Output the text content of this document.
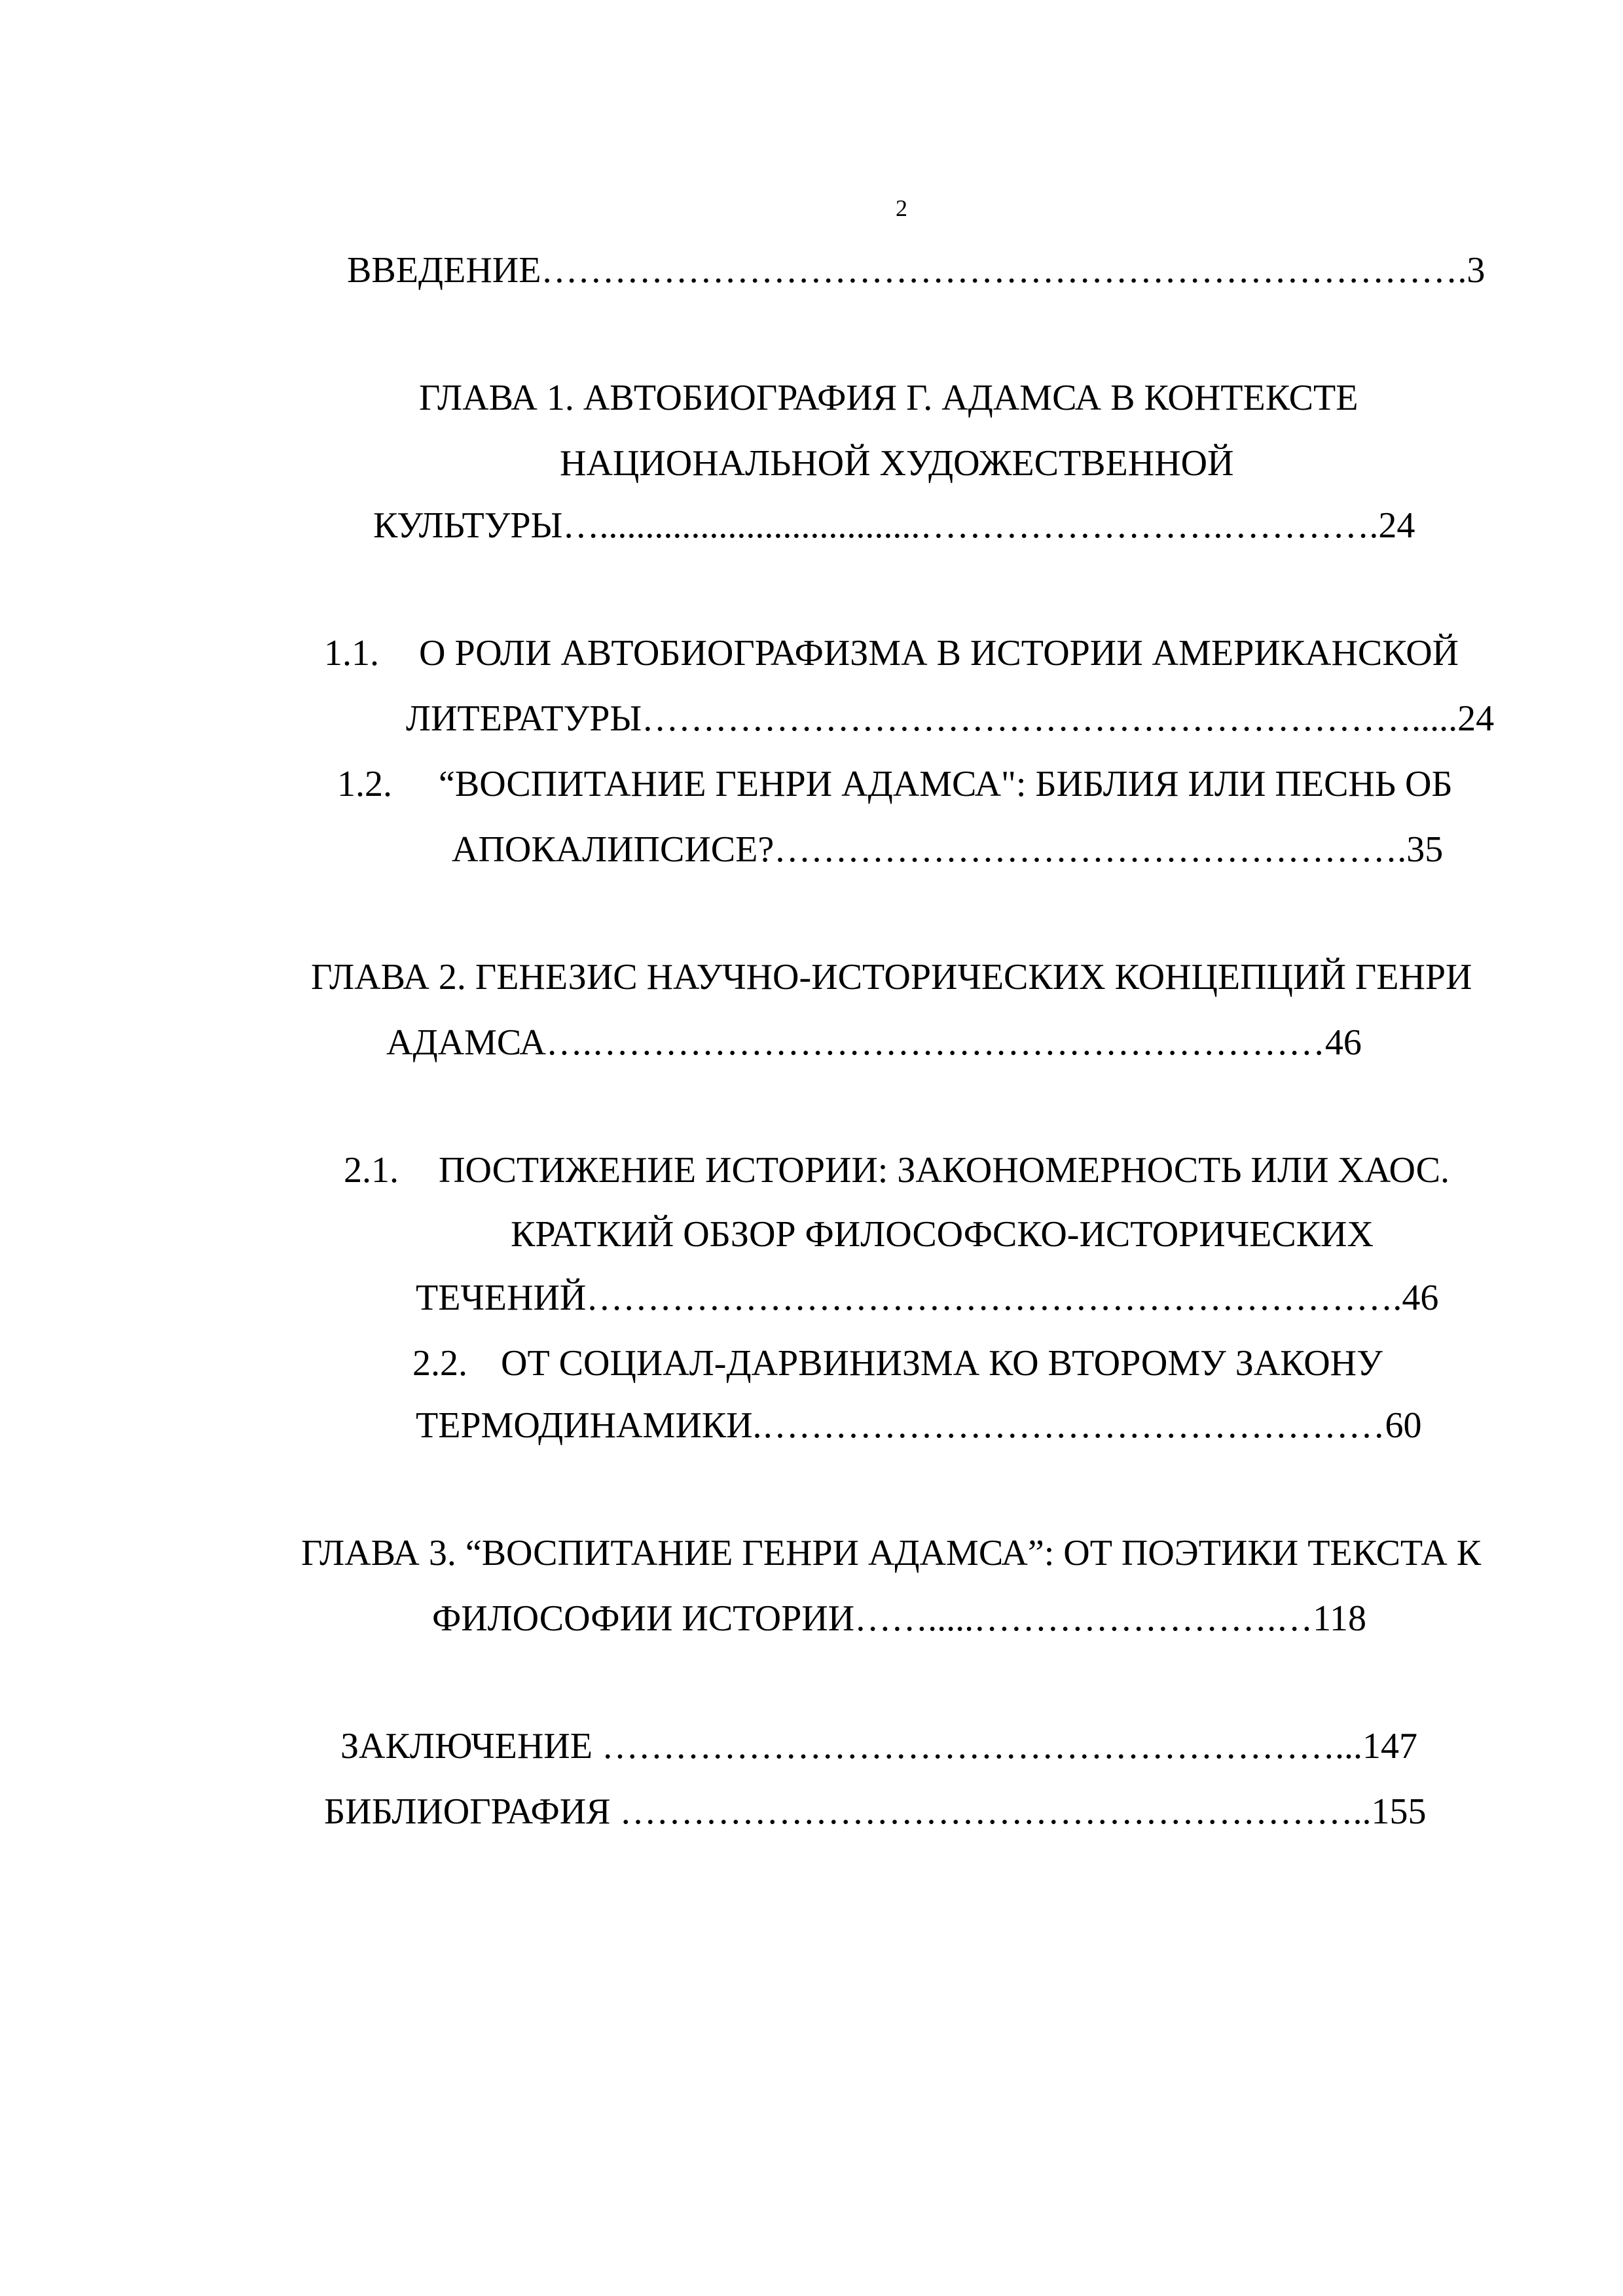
2
ВВЕДЕНИЕ………………………………………………………………….3
ГЛАВА 1. АВТОБИОГРАФИЯ Г. АДАМСА В КОНТЕКСТЕ
НАЦИОНАЛЬНОЙ ХУДОЖЕСТВЕННОЙ
КУЛЬТУРЫ…...................................…………………….………….24
1.1. О РОЛИ АВТОБИОГРАФИЗМА В ИСТОРИИ АМЕРИКАНСКОЙ
ЛИТЕРАТУРЫ……………………………………………………….....24
1.2. “ВОСПИТАНИЕ ГЕНРИ АДАМСА": БИБЛИЯ ИЛИ ПЕСНЬ ОБ
АПОКАЛИПСИСЕ?…………………………………………….35
ГЛАВА 2. ГЕНЕЗИС НАУЧНО-ИСТОРИЧЕСКИХ КОНЦЕПЦИЙ ГЕНРИ
АДАМСА….……………………………………………………46
2.1. ПОСТИЖЕНИЕ ИСТОРИИ: ЗАКОНОМЕРНОСТЬ ИЛИ ХАОС.
КРАТКИЙ ОБЗОР ФИЛОСОФСКО-ИСТОРИЧЕСКИХ
ТЕЧЕНИЙ………………………………………………………….46
2.2. ОТ СОЦИАЛ-ДАРВИНИЗМА КО ВТОРОМУ ЗАКОНУ
ТЕРМОДИНАМИКИ.……………………………………………60
ГЛАВА 3. “ВОСПИТАНИЕ ГЕНРИ АДАМСА”: ОТ ПОЭТИКИ ТЕКСТА К
ФИЛОСОФИИ ИСТОРИИ…….....…………………….…118
ЗАКЛЮЧЕНИЕ ……………………………………………………...147
БИБЛИОГРАФИЯ ……………………………………………………..155
